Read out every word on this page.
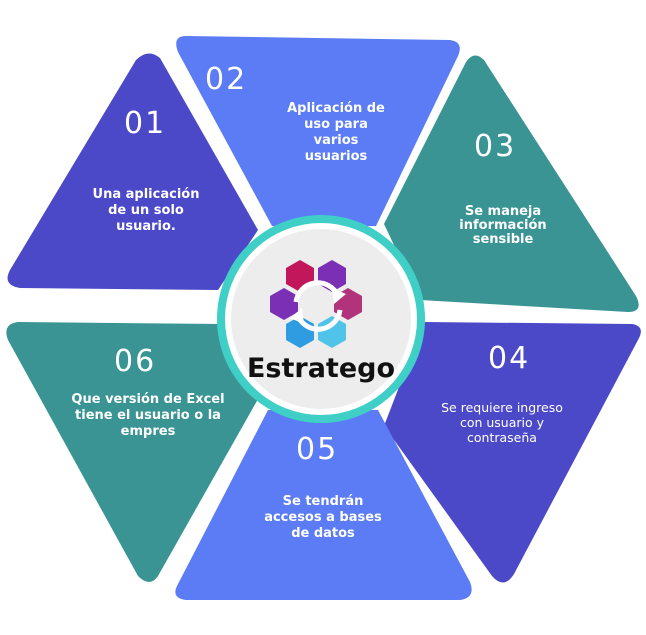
01
Una aplicación
de un solo
usuario.
02
Aplicación de
uso para
varios
usuarios	03
Se maneja
información
sensible
04
Se requiere ingreso
con usuario y
contraseña
05
Se tendrán
accesos a bases
de datos
06
Que versión de Excel
tiene el usuario o la
empres
Estratego
